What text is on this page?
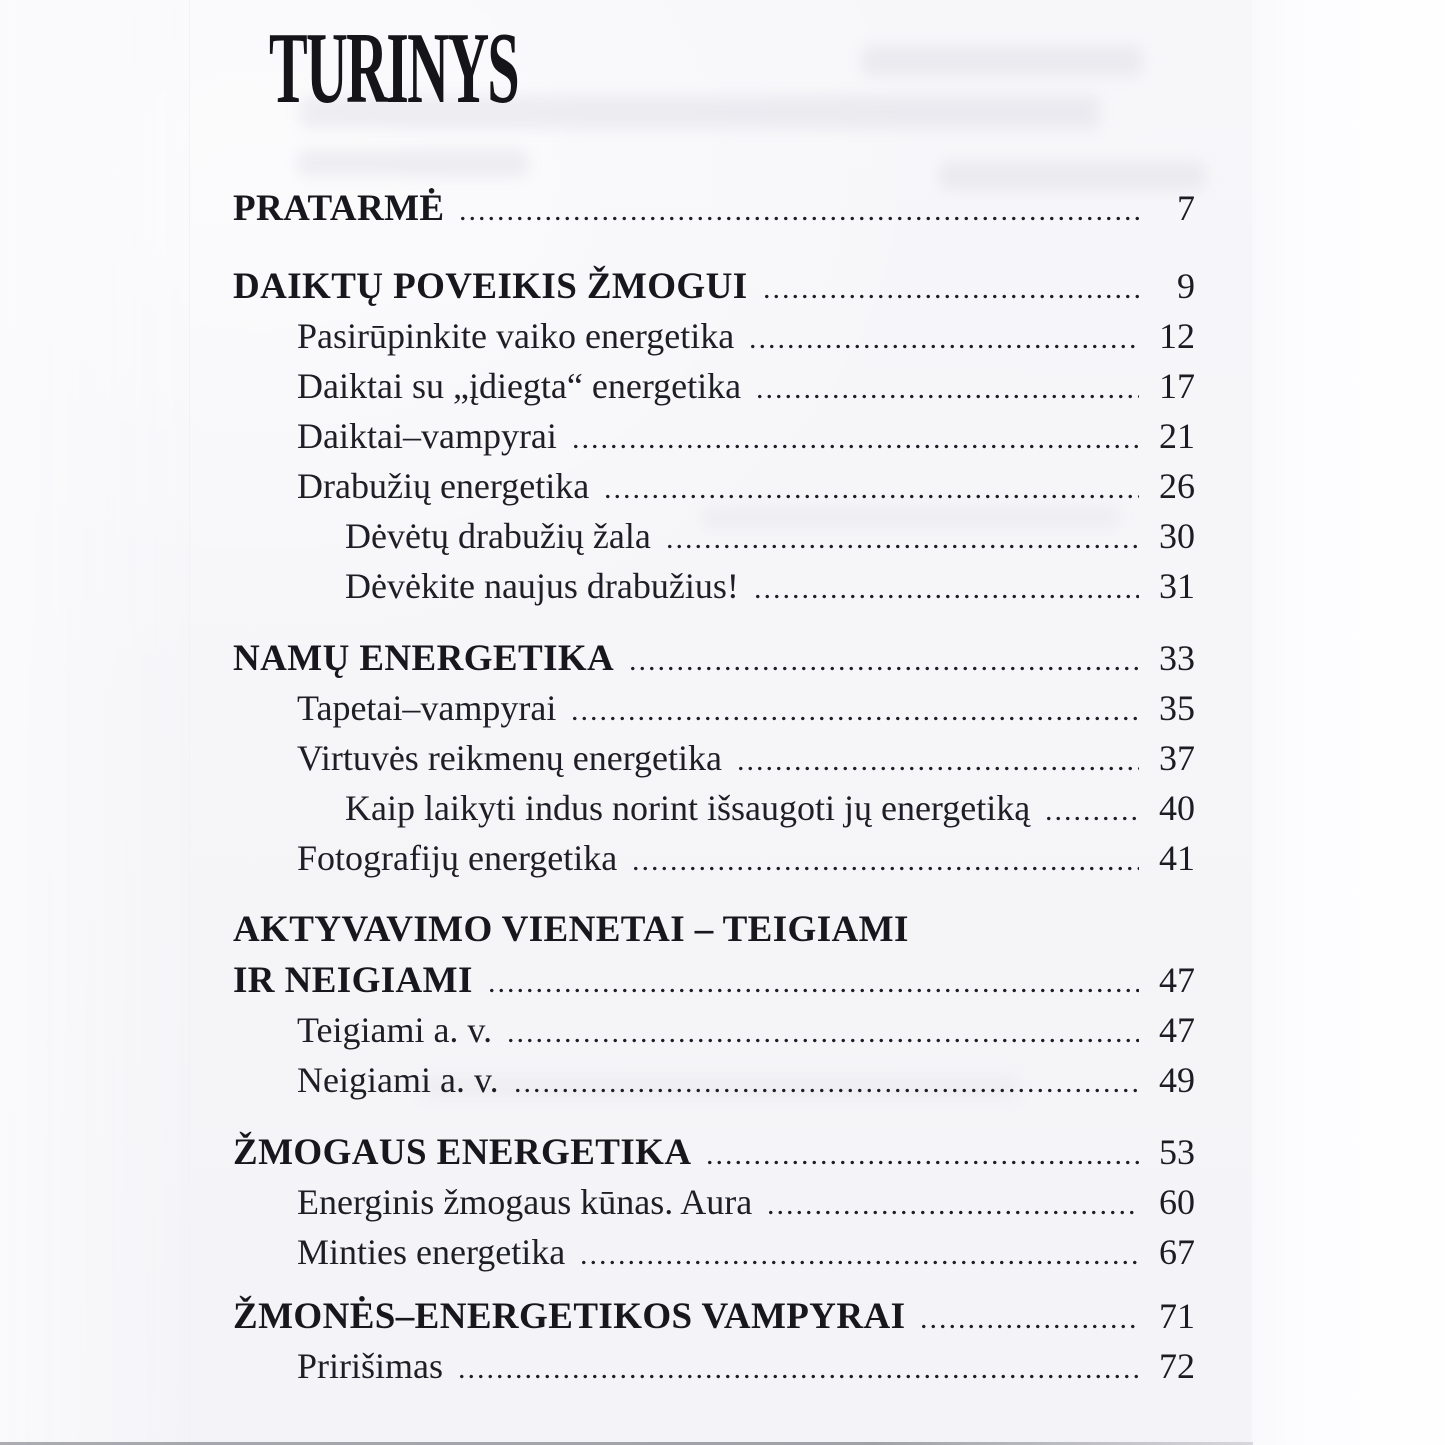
TURINYS
PRATARMĖ	7
DAIKTŲ POVEIKIS ŽMOGUI	9
Pasirūpinkite vaiko energetika	12
Daiktai su „įdiegta“ energetika	17
Daiktai–vampyrai	21
Drabužių energetika	26
Dėvėtų drabužių žala	30
Dėvėkite naujus drabužius!	31
NAMŲ ENERGETIKA	33
Tapetai–vampyrai	35
Virtuvės reikmenų energetika	37
Kaip laikyti indus norint išsaugoti jų energetiką	40
Fotografijų energetika	41
AKTYVAVIMO VIENETAI – TEIGIAMI
IR NEIGIAMI	47
Teigiami a. v.	47
Neigiami a. v.	49
ŽMOGAUS ENERGETIKA	53
Energinis žmogaus kūnas. Aura	60
Minties energetika	67
ŽMONĖS–ENERGETIKOS VAMPYRAI	71
Pririšimas	72
